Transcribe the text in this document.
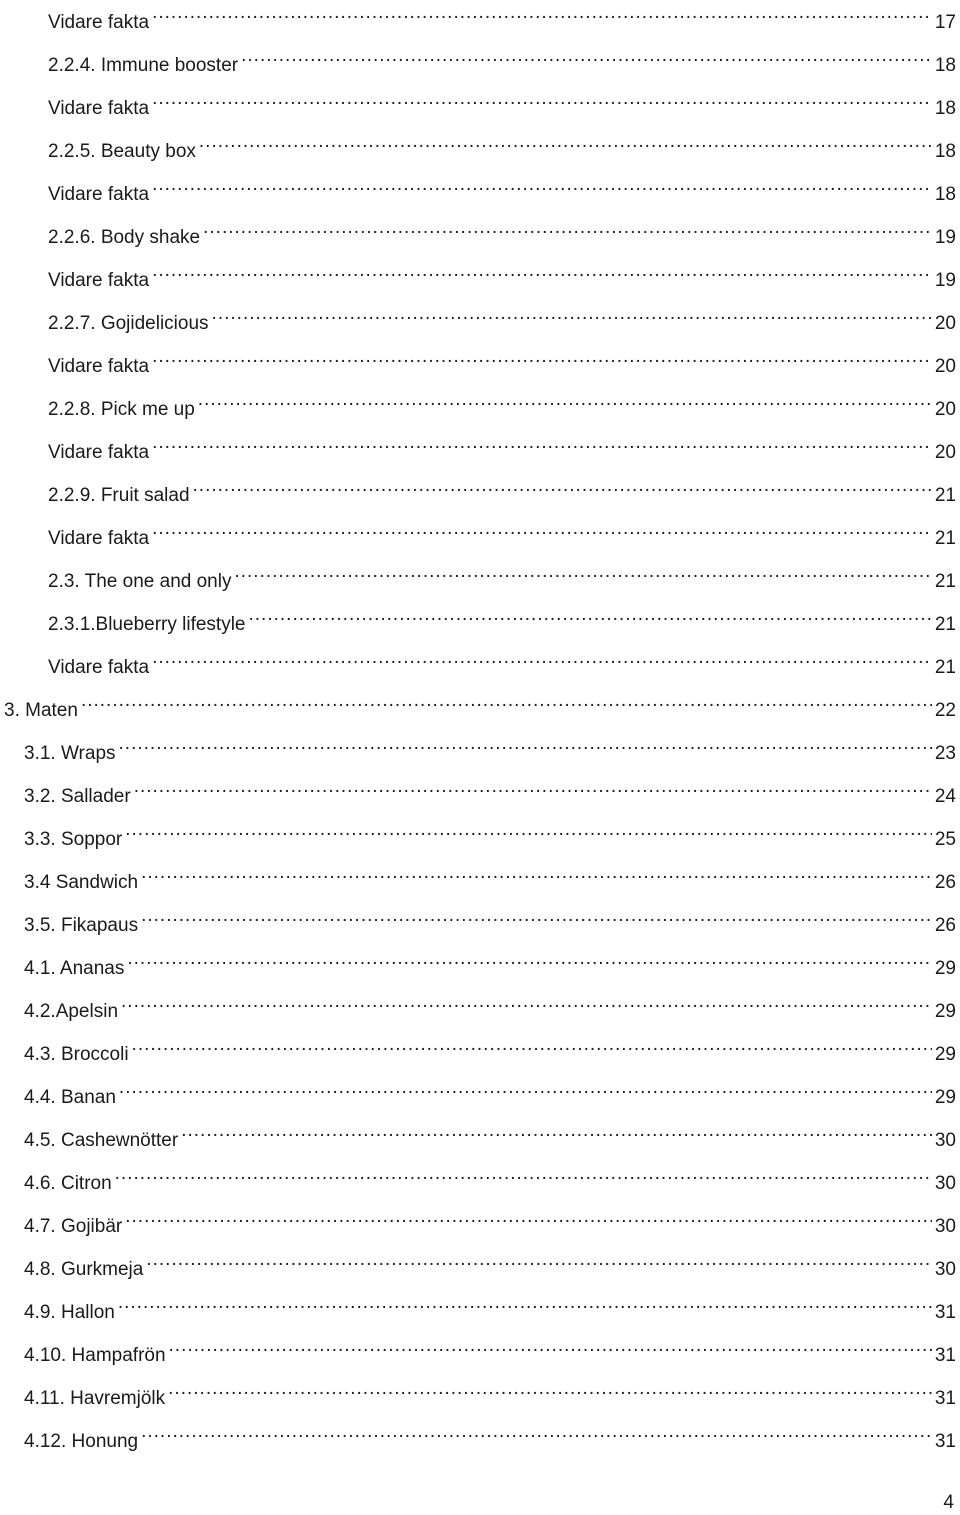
Vidare fakta .....	17
2.2.4. Immune booster .....	18
Vidare fakta .....	18
2.2.5. Beauty box .....	18
Vidare fakta .....	18
2.2.6. Body shake .....	19
Vidare fakta .....	19
2.2.7. Gojidelicious .....	20
Vidare fakta .....	20
2.2.8. Pick me up .....	20
Vidare fakta .....	20
2.2.9. Fruit salad .....	21
Vidare fakta .....	21
2.3. The one and only .....	21
2.3.1.Blueberry lifestyle .....	21
Vidare fakta .....	21
3. Maten .....	22
3.1. Wraps .....	23
3.2. Sallader .....	24
3.3. Soppor .....	25
3.4 Sandwich .....	26
3.5. Fikapaus .....	26
4.1. Ananas .....	29
4.2.Apelsin .....	29
4.3. Broccoli .....	29
4.4. Banan .....	29
4.5. Cashewnötter .....	30
4.6. Citron .....	30
4.7. Gojibär .....	30
4.8. Gurkmeja .....	30
4.9. Hallon .....	31
4.10. Hampafrön .....	31
4.11. Havremjölk .....	31
4.12. Honung .....	31
4
